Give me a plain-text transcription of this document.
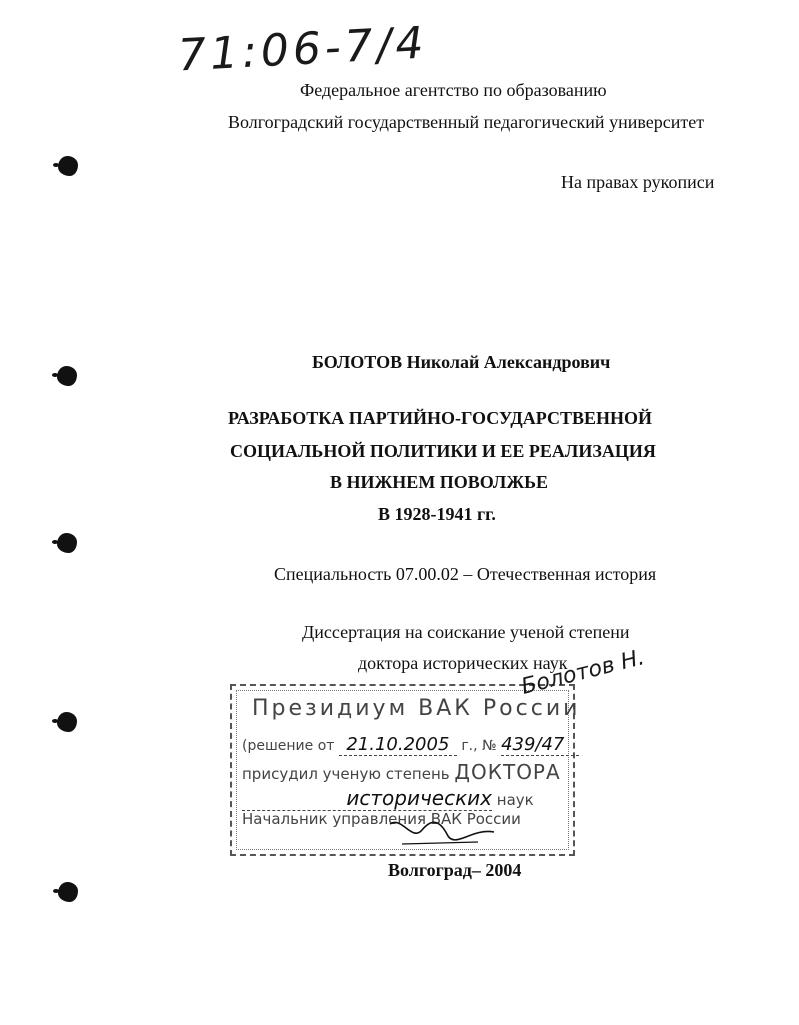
71:06-7/4
Федеральное агентство по образованию
Волгоградский государственный педагогический университет
На правах рукописи
БОЛОТОВ Николай Александрович
РАЗРАБОТКА ПАРТИЙНО-ГОСУДАРСТВЕННОЙ
СОЦИАЛЬНОЙ ПОЛИТИКИ И ЕЕ РЕАЛИЗАЦИЯ
В НИЖНЕМ ПОВОЛЖЬЕ
В 1928-1941 гг.
Специальность 07.00.02 – Отечественная история
Диссертация на соискание ученой степени
доктора исторических наук
Президиум ВАК России
(решение от 21.10.2005 г., № 439/47
присудил ученую степень ДОКТОРА
исторических наук
Начальник управления ВАК России
Болотов Н.
Волгоград– 2004
